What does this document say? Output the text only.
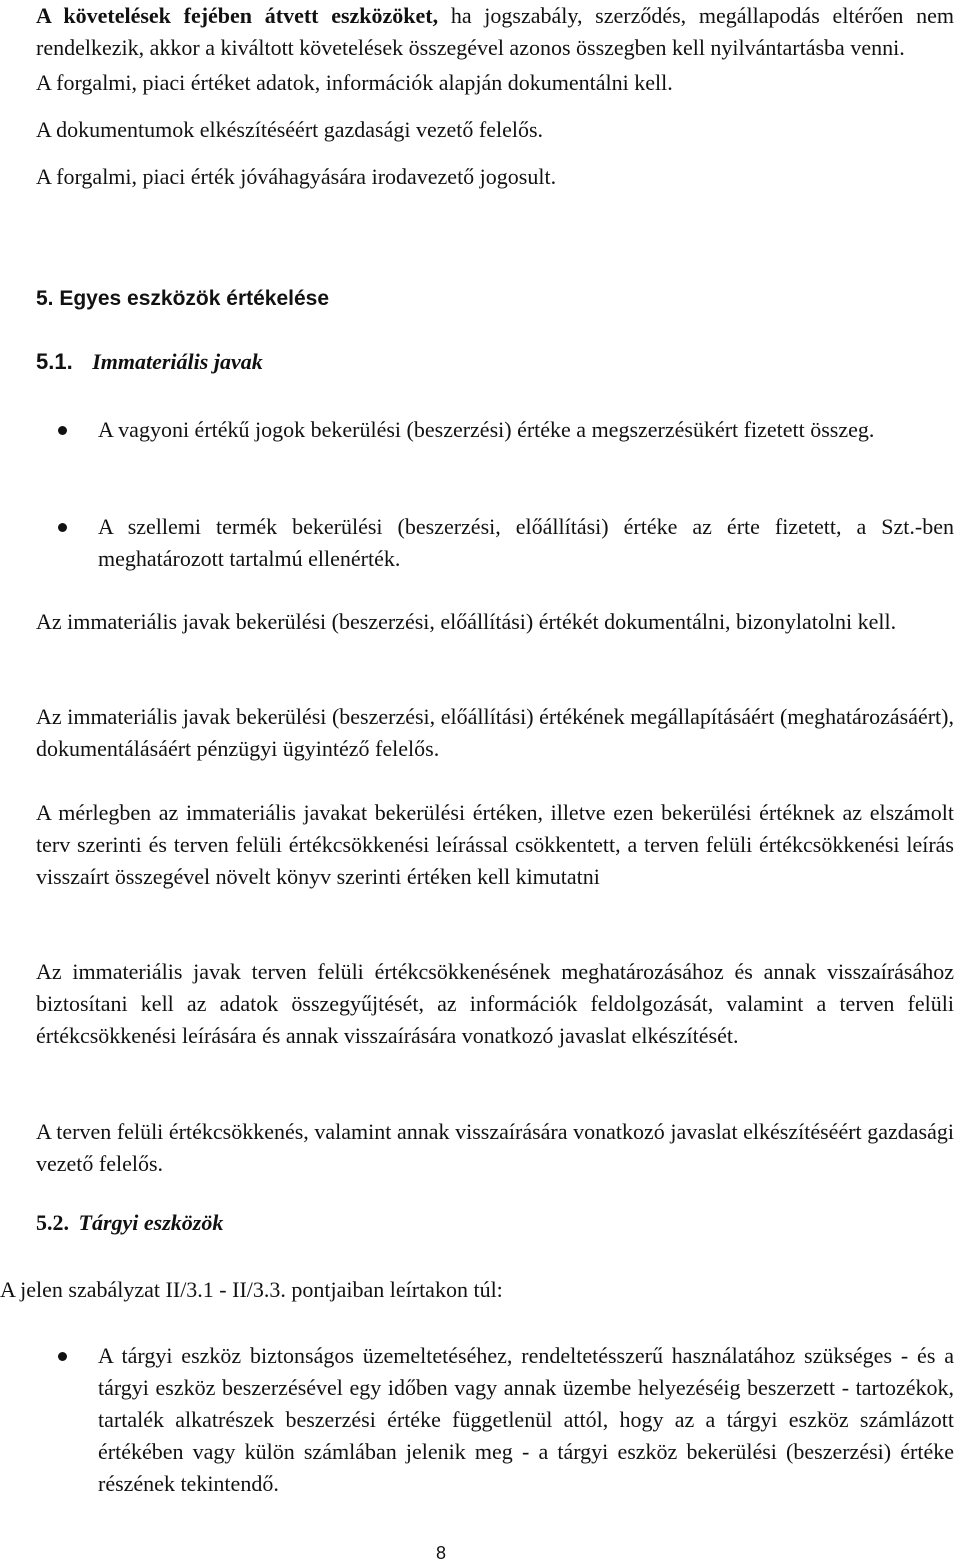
A követelések fejében átvett eszközöket, ha jogszabály, szerződés, megállapodás eltérően nem rendelkezik, akkor a kiváltott követelések összegével azonos összegben kell nyilvántartásba venni.

A forgalmi, piaci értéket adatok, információk alapján dokumentálni kell.

A dokumentumok elkészítéséért gazdasági vezető felelős.

A forgalmi, piaci érték jóváhagyására irodavezető jogosult.

5. Egyes eszközök értékelése
5.1. Immateriális javak

A vagyoni értékű jogok bekerülési (beszerzési) értéke a megszerzésükért fizetett összeg.

A szellemi termék bekerülési (beszerzési, előállítási) értéke az érte fizetett, a Szt.-ben meghatározott tartalmú ellenérték.

Az immateriális javak bekerülési (beszerzési, előállítási) értékét dokumentálni, bizonylatolni kell.

Az immateriális javak bekerülési (beszerzési, előállítási) értékének megállapításáért (meghatározásáért), dokumentálásáért pénzügyi ügyintéző felelős.

A mérlegben az immateriális javakat bekerülési értéken, illetve ezen bekerülési értéknek az elszámolt terv szerinti és terven felüli értékcsökkenési leírással csökkentett, a terven felüli értékcsökkenési leírás visszaírt összegével növelt könyv szerinti értéken kell kimutatni

Az immateriális javak terven felüli értékcsökkenésének meghatározásához és annak visszaírásához biztosítani kell az adatok összegyűjtését, az információk feldolgozását, valamint a terven felüli értékcsökkenési leírására és annak visszaírására vonatkozó javaslat elkészítését.

A terven felüli értékcsökkenés, valamint annak visszaírására vonatkozó javaslat elkészítéséért gazdasági vezető felelős.

5.2. Tárgyi eszközök

A jelen szabályzat II/3.1 - II/3.3. pontjaiban leírtakon túl:

A tárgyi eszköz biztonságos üzemeltetéséhez, rendeltetésszerű használatához szükséges - és a tárgyi eszköz beszerzésével egy időben vagy annak üzembe helyezéséig beszerzett - tartozékok, tartalék alkatrészek beszerzési értéke függetlenül attól, hogy az a tárgyi eszköz számlázott értékében vagy külön számlában jelenik meg - a tárgyi eszköz bekerülési (beszerzési) értéke részének tekintendő.

8
